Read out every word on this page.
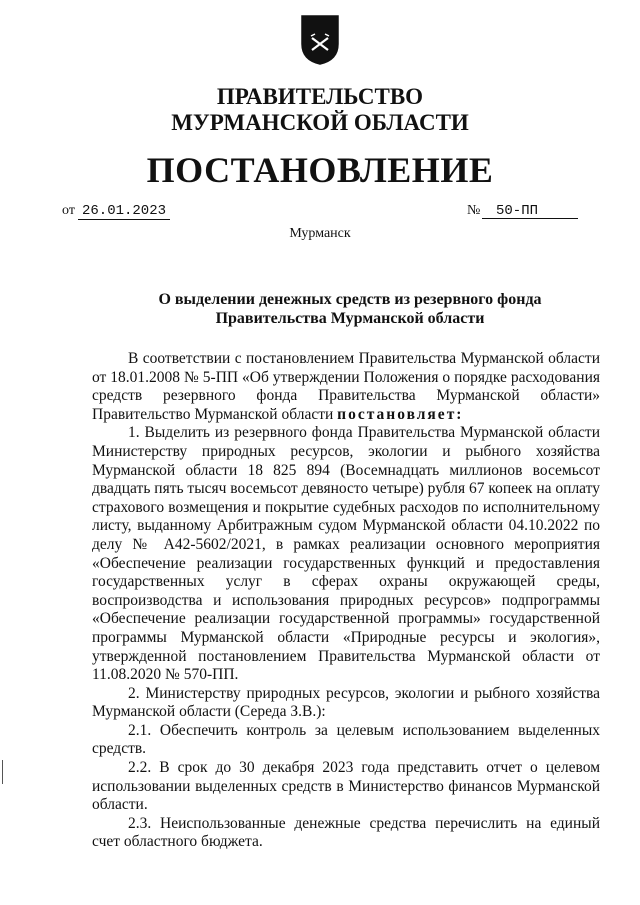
ПРАВИТЕЛЬСТВО
МУРМАНСКОЙ ОБЛАСТИ
ПОСТАНОВЛЕНИЕ
от 26.01.2023	№	50-ПП
Мурманск
О выделении денежных средств из резервного фонда
Правительства Мурманской области

В соответствии с постановлением Правительства Мурманской области от 18.01.2008 № 5-ПП «Об утверждении Положения о порядке расходования средств резервного фонда Правительства Мурманской области» Правительство Мурманской области постановляет:

1. Выделить из резервного фонда Правительства Мурманской области Министерству природных ресурсов, экологии и рыбного хозяйства Мурманской области 18 825 894 (Восемнадцать миллионов восемьсот двадцать пять тысяч восемьсот девяносто четыре) рубля 67 копеек на оплату страхового возмещения и покрытие судебных расходов по исполнительному листу, выданному Арбитражным судом Мурманской области 04.10.2022 по делу № А42-5602/2021, в рамках реализации основного мероприятия «Обеспечение реализации государственных функций и предоставления государственных услуг в сферах охраны окружающей среды, воспроизводства и использования природных ресурсов» подпрограммы «Обеспечение реализации государственной программы» государственной программы Мурманской области «Природные ресурсы и экология», утвержденной постановлением Правительства Мурманской области от 11.08.2020 № 570-ПП.

2. Министерству природных ресурсов, экологии и рыбного хозяйства Мурманской области (Середа З.В.):

2.1. Обеспечить контроль за целевым использованием выделенных средств.

2.2. В срок до 30 декабря 2023 года представить отчет о целевом использовании выделенных средств в Министерство финансов Мурманской области.

2.3. Неиспользованные денежные средства перечислить на единый счет областного бюджета.
